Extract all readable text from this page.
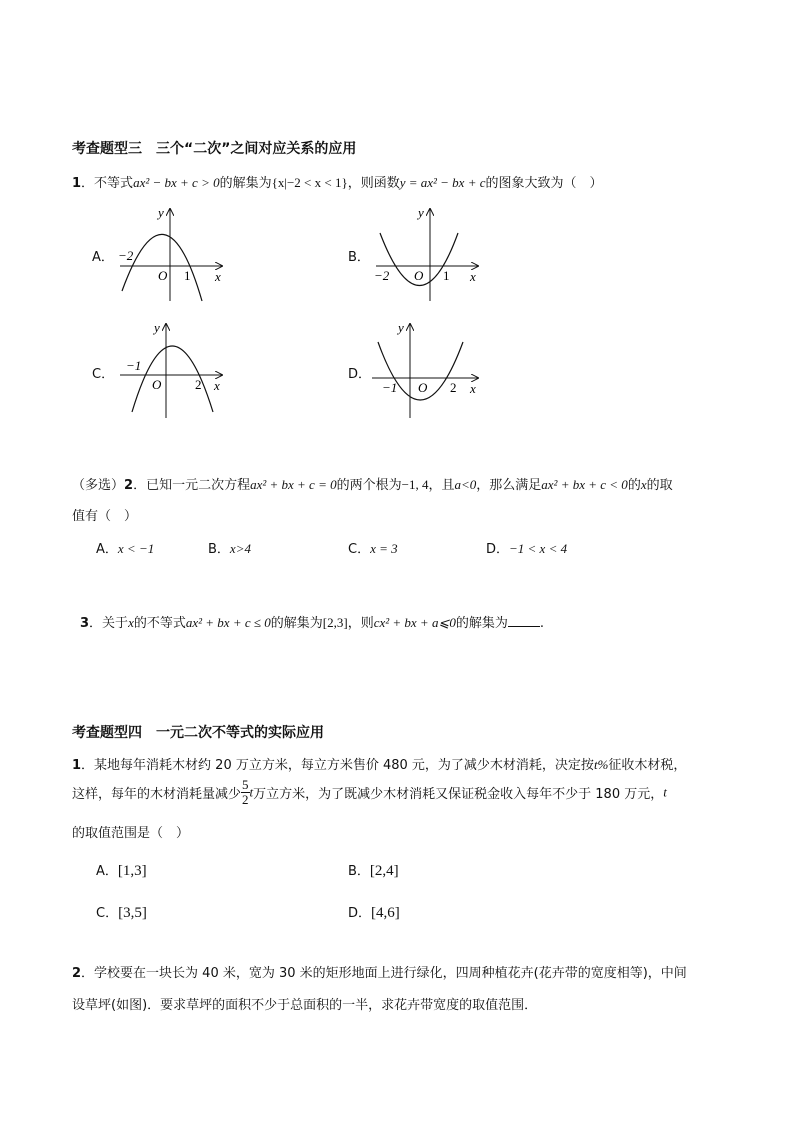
考查题型三　三个“二次”之间对应关系的应用
1．不等式ax² − bx + c > 0的解集为{x|−2 < x < 1}，则函数y = ax² − bx + c的图象大致为（　）
A．	B．
C．	D．
−2
O 1 x
y
−2 O 1 x
y
−1
O	2 x
y
−1 O 2 x
y
（多选）2．已知一元二次方程ax² + bx + c = 0的两个根为−1, 4，且a<0，那么满足ax² + bx + c < 0的x的取
值有（　）
A．x < −1	B．x>4	C．x = 3	D．−1 < x < 4
3．关于x的不等式ax² + bx + c ≤ 0的解集为[2,3]，则cx² + bx + a⩽0的解集为 .
考查题型四　一元二次不等式的实际应用
1．某地每年消耗木材约 20 万立方米，每立方米售价 480 元，为了减少木材消耗，决定按t%征收木材税，
这样，每年的木材消耗量减少 $\frac{5}{2}$ t万立方米，为了既减少木材消耗又保证税金收入每年不少于 180 万元，t
的取值范围是（　）
A．[1,3]	B．[2,4]
C．[3,5]	D．[4,6]
2．学校要在一块长为 40 米，宽为 30 米的矩形地面上进行绿化，四周种植花卉(花卉带的宽度相等)，中间
设草坪(如图)．要求草坪的面积不少于总面积的一半，求花卉带宽度的取值范围．
